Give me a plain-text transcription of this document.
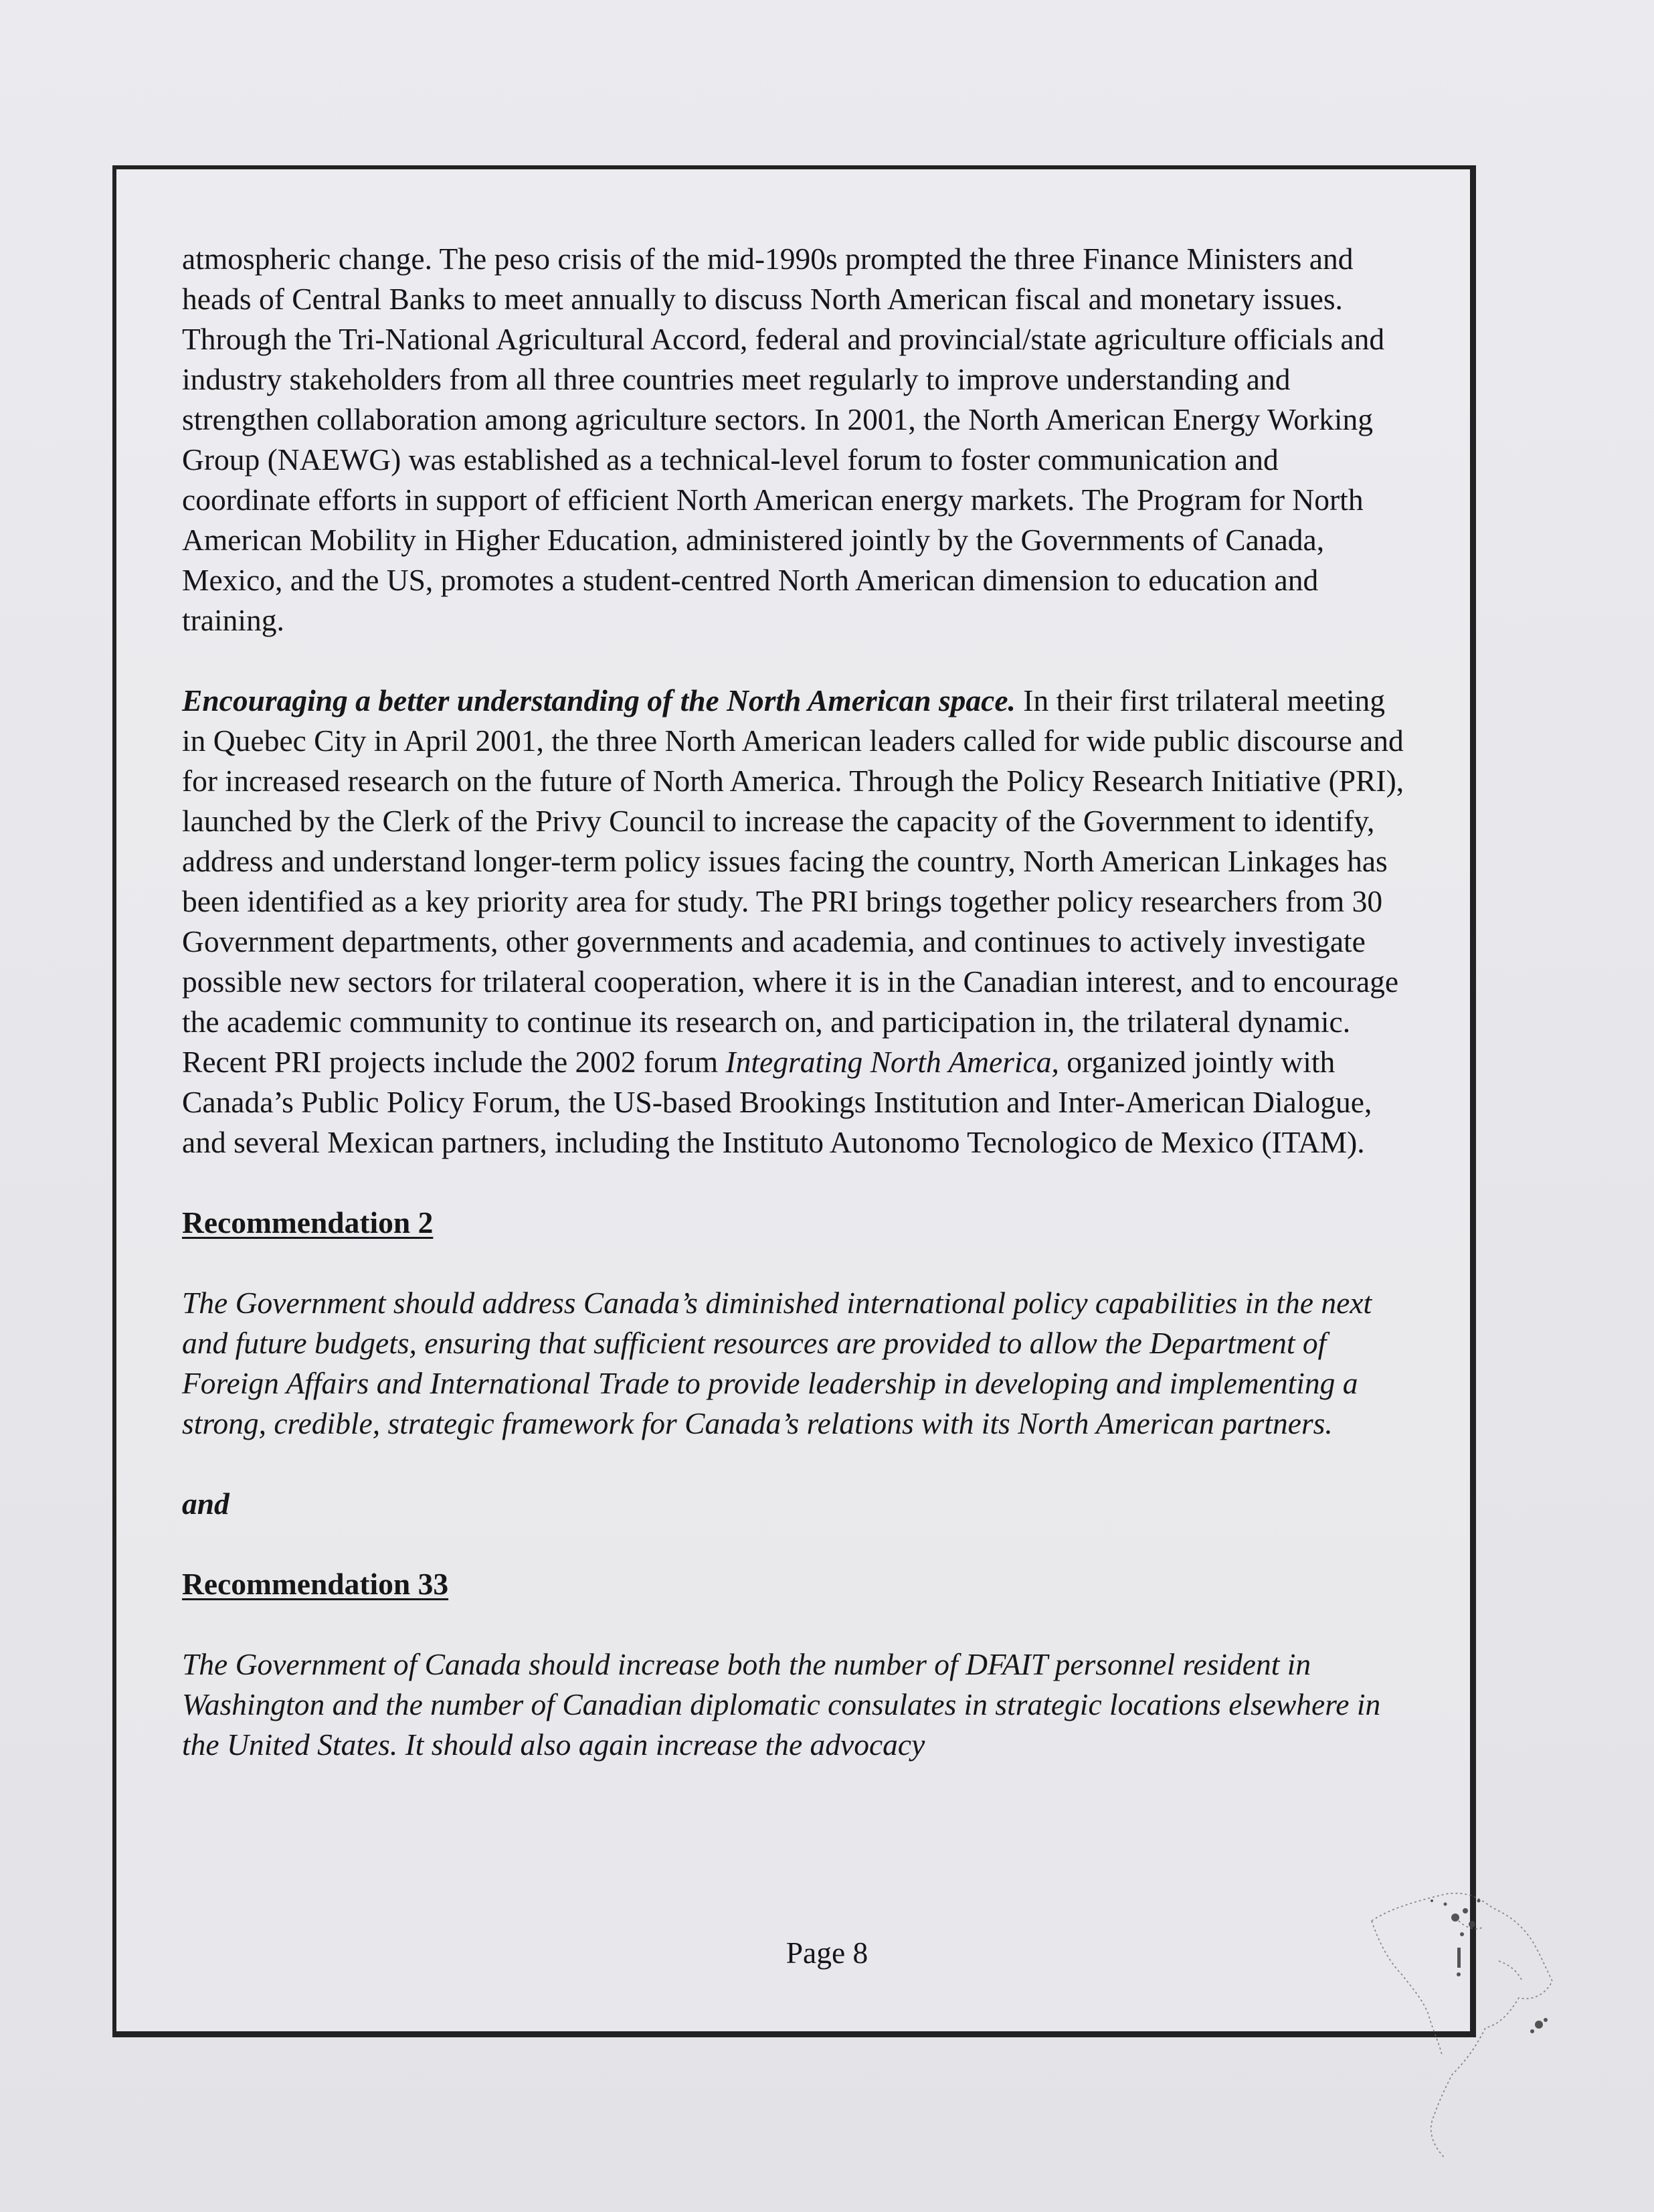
atmospheric change. The peso crisis of the mid-1990s prompted the three Finance Ministers and heads of Central Banks to meet annually to discuss North American fiscal and monetary issues. Through the Tri-National Agricultural Accord, federal and provincial/state agriculture officials and industry stakeholders from all three countries meet regularly to improve understanding and strengthen collaboration among agriculture sectors. In 2001, the North American Energy Working Group (NAEWG) was established as a technical-level forum to foster communication and coordinate efforts in support of efficient North American energy markets. The Program for North American Mobility in Higher Education, administered jointly by the Governments of Canada, Mexico, and the US, promotes a student-centred North American dimension to education and training.

Encouraging a better understanding of the North American space. In their first trilateral meeting in Quebec City in April 2001, the three North American leaders called for wide public discourse and for increased research on the future of North America. Through the Policy Research Initiative (PRI), launched by the Clerk of the Privy Council to increase the capacity of the Government to identify, address and understand longer-term policy issues facing the country, North American Linkages has been identified as a key priority area for study. The PRI brings together policy researchers from 30 Government departments, other governments and academia, and continues to actively investigate possible new sectors for trilateral cooperation, where it is in the Canadian interest, and to encourage the academic community to continue its research on, and participation in, the trilateral dynamic. Recent PRI projects include the 2002 forum Integrating North America, organized jointly with Canada’s Public Policy Forum, the US-based Brookings Institution and Inter-American Dialogue, and several Mexican partners, including the Instituto Autonomo Tecnologico de Mexico (ITAM).

Recommendation 2

The Government should address Canada’s diminished international policy capabilities in the next and future budgets, ensuring that sufficient resources are provided to allow the Department of Foreign Affairs and International Trade to provide leadership in developing and implementing a strong, credible, strategic framework for Canada’s relations with its North American partners.

and

Recommendation 33

The Government of Canada should increase both the number of DFAIT personnel resident in Washington and the number of Canadian diplomatic consulates in strategic locations elsewhere in the United States. It should also again increase the advocacy

Page 8
